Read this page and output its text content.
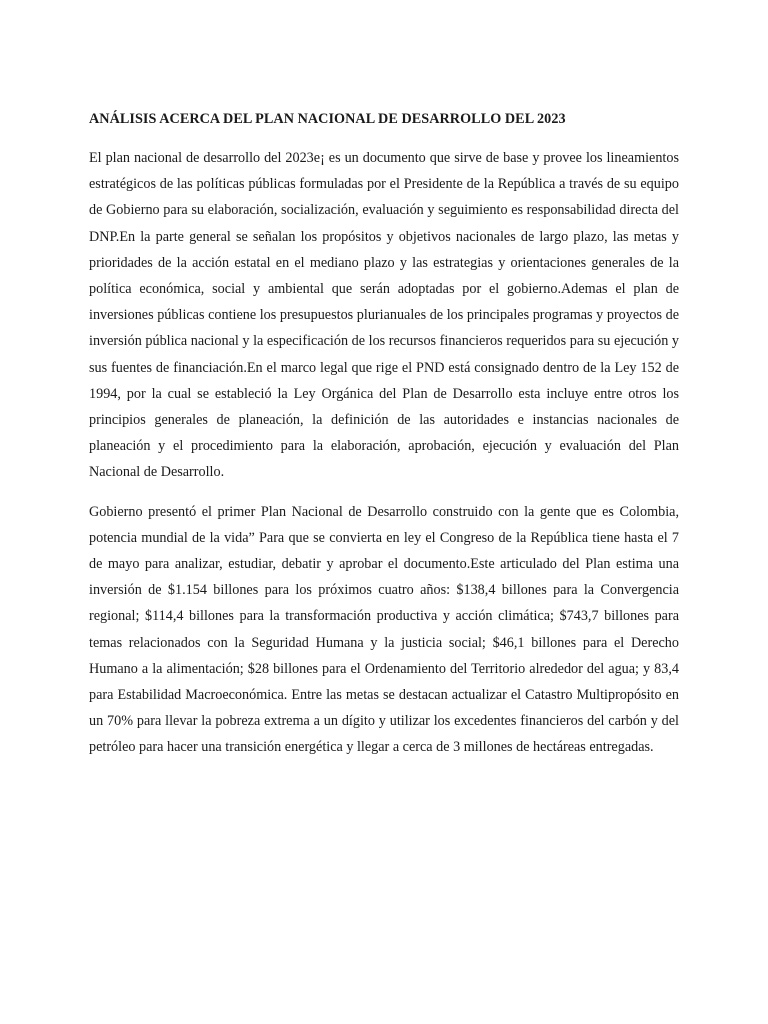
ANÁLISIS ACERCA DEL PLAN NACIONAL DE DESARROLLO DEL 2023

El plan nacional de desarrollo del 2023e¡ es un documento que sirve de base y provee los lineamientos estratégicos de las políticas públicas formuladas por el Presidente de la República a través de su equipo de Gobierno para su elaboración, socialización, evaluación y seguimiento es responsabilidad directa del DNP.En la parte general se señalan los propósitos y objetivos nacionales de largo plazo, las metas y prioridades de la acción estatal en el mediano plazo y las estrategias y orientaciones generales de la política económica, social y ambiental que serán adoptadas por el gobierno.Ademas el plan de inversiones públicas contiene los presupuestos plurianuales de los principales programas y proyectos de inversión pública nacional y la especificación de los recursos financieros requeridos para su ejecución y sus fuentes de financiación.En el marco legal que rige el PND está consignado dentro de la Ley 152 de 1994, por la cual se estableció la Ley Orgánica del Plan de Desarrollo esta incluye entre otros los principios generales de planeación, la definición de las autoridades e instancias nacionales de planeación y el procedimiento para la elaboración, aprobación, ejecución y evaluación del Plan Nacional de Desarrollo.

Gobierno presentó el primer Plan Nacional de Desarrollo construido con la gente que es Colombia, potencia mundial de la vida” Para que se convierta en ley el Congreso de la República tiene hasta el 7 de mayo para analizar, estudiar, debatir y aprobar el documento.Este articulado del Plan estima una inversión de $1.154 billones para los próximos cuatro años: $138,4 billones para la Convergencia regional; $114,4 billones para la transformación productiva y acción climática; $743,7 billones para temas relacionados con la Seguridad Humana y la justicia social; $46,1 billones para el Derecho Humano a la alimentación; $28 billones para el Ordenamiento del Territorio alrededor del agua; y 83,4 para Estabilidad Macroeconómica. Entre las metas se destacan actualizar el Catastro Multipropósito en un 70% para llevar la pobreza extrema a un dígito y utilizar los excedentes financieros del carbón y del petróleo para hacer una transición energética y llegar a cerca de 3 millones de hectáreas entregadas.
